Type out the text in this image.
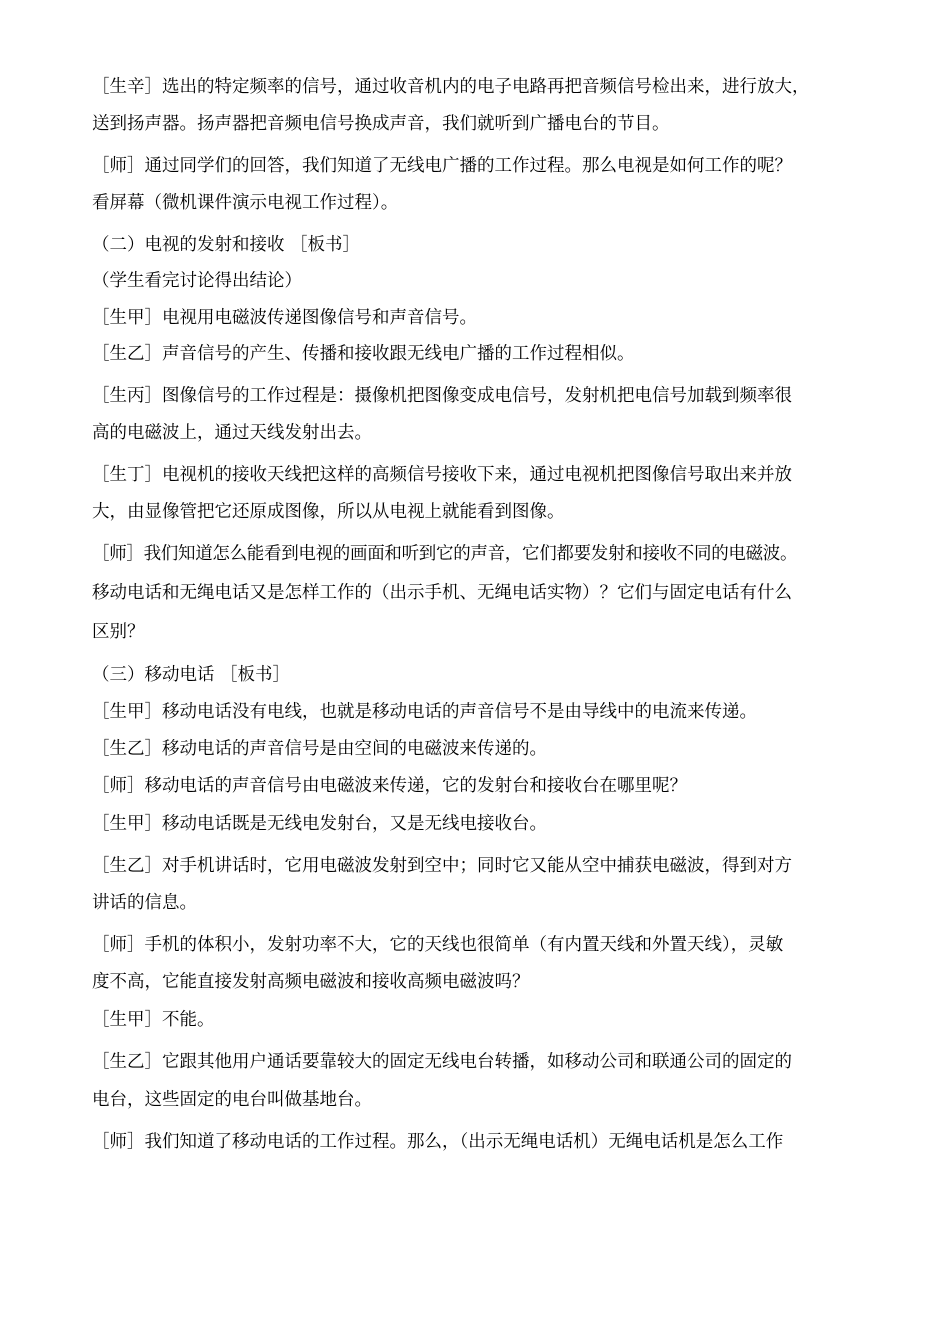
［生辛］选出的特定频率的信号，通过收音机内的电子电路再把音频信号检出来，进行放大，
送到扬声器。扬声器把音频电信号换成声音，我们就听到广播电台的节目。
［师］通过同学们的回答，我们知道了无线电广播的工作过程。那么电视是如何工作的呢？
看屏幕（微机课件演示电视工作过程）。
（二）电视的发射和接收 ［板书］
（学生看完讨论得出结论）
［生甲］电视用电磁波传递图像信号和声音信号。
［生乙］声音信号的产生、传播和接收跟无线电广播的工作过程相似。
［生丙］图像信号的工作过程是：摄像机把图像变成电信号，发射机把电信号加载到频率很
高的电磁波上，通过天线发射出去。
［生丁］电视机的接收天线把这样的高频信号接收下来，通过电视机把图像信号取出来并放
大，由显像管把它还原成图像，所以从电视上就能看到图像。
［师］我们知道怎么能看到电视的画面和听到它的声音，它们都要发射和接收不同的电磁波。
移动电话和无绳电话又是怎样工作的（出示手机、无绳电话实物）？它们与固定电话有什么
区别？
（三）移动电话 ［板书］
［生甲］移动电话没有电线，也就是移动电话的声音信号不是由导线中的电流来传递。
［生乙］移动电话的声音信号是由空间的电磁波来传递的。
［师］移动电话的声音信号由电磁波来传递，它的发射台和接收台在哪里呢？
［生甲］移动电话既是无线电发射台，又是无线电接收台。
［生乙］对手机讲话时，它用电磁波发射到空中；同时它又能从空中捕获电磁波，得到对方
讲话的信息。
［师］手机的体积小，发射功率不大，它的天线也很简单（有内置天线和外置天线），灵敏
度不高，它能直接发射高频电磁波和接收高频电磁波吗？
［生甲］不能。
［生乙］它跟其他用户通话要靠较大的固定无线电台转播，如移动公司和联通公司的固定的
电台，这些固定的电台叫做基地台。
［师］我们知道了移动电话的工作过程。那么，（出示无绳电话机）无绳电话机是怎么工作
